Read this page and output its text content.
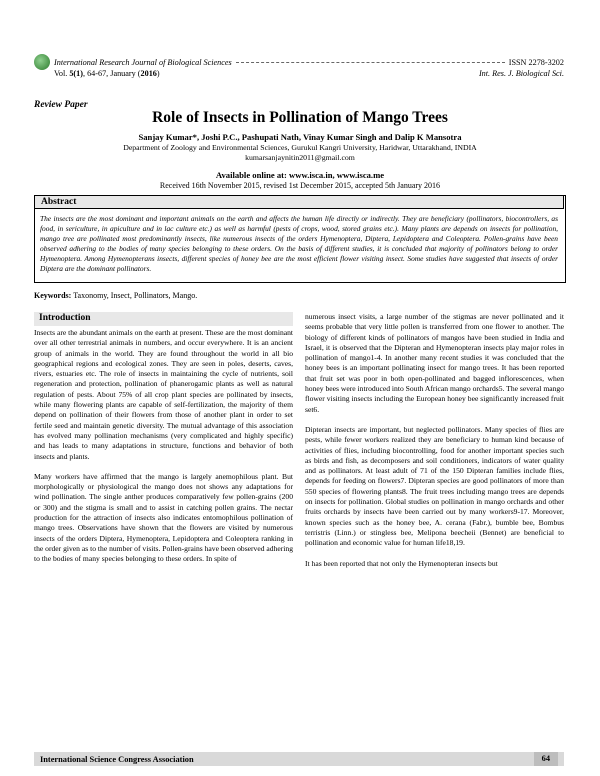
International Research Journal of Biological Sciences	ISSN 2278-3202
Vol. 5(1), 64-67, January (2016)	Int. Res. J. Biological Sci.
Review Paper
Role of Insects in Pollination of Mango Trees
Sanjay Kumar*, Joshi P.C., Pashupati Nath, Vinay Kumar Singh and Dalip K Mansotra
Department of Zoology and Environmental Sciences, Gurukul Kangri University, Haridwar, Uttarakhand, INDIA
kumarsanjaynitin2011@gmail.com
Available online at: www.isca.in, www.isca.me
Received 16th November 2015, revised 1st December 2015, accepted 5th January 2016
Abstract
The insects are the most dominant and important animals on the earth and affects the human life directly or indirectly. They are beneficiary (pollinators, biocontrollers, as food, in sericulture, in apiculture and in lac culture etc.) as well as harmful (pests of crops, wood, stored grains etc.). Many plants are depends on insects for pollination, mango tree are pollinated most predominantly insects, like numerous insects of the orders Hymenoptera, Diptera, Lepidoptera and Coleoptera. Pollen-grains have been observed adhering to the bodies of many species belonging to these orders. On the basis of different studies, it is concluded that majority of pollinators belong to order Hymenoptera. Among Hymenopterans insects, different species of honey bee are the most efficient flower visiting insect. Some studies have suggested that insects of order Diptera are the dominant pollinators.
Keywords: Taxonomy, Insect, Pollinators, Mango.
Introduction

Insects are the abundant animals on the earth at present. These are the most dominant over all other terrestrial animals in numbers, and occur everywhere. It is an ancient group of animals in the world. They are found throughout the world in all bio geographical regions and ecological zones. They are seen in poles, deserts, caves, rivers, estuaries etc. The role of insects in maintaining the cycle of nutrients, soil regeneration and protection, pollination of phanerogamic plants as well as natural regulation of pests. About 75% of all crop plant species are pollinated by insects, while many flowering plants are capable of self-fertilization, the majority of them depend on pollination of their flowers from those of another plant in order to set fertile seed and maintain genetic diversity. The mutual advantage of this association has evolved many pollination mechanisms (very complicated and highly specific) and has leads to many adaptations in structure, functions and behavior of both insects and plants.

Many workers have affirmed that the mango is largely anemophilous plant. But morphologically or physiological the mango does not shows any adaptations for wind pollination. The single anther produces comparatively few pollen-grains (200 or 300) and the stigma is small and to assist in catching pollen grains. The nectar production for the attraction of insects also indicates entomophilous pollination of mango trees. Observations have shown that the flowers are visited by numerous insects of the orders Diptera, Hymenoptera, Lepidoptera and Coleoptera ranking in the order given as to the number of visits. Pollen-grains have been observed adhering to the bodies of many species belonging to these orders. In spite of

numerous insect visits, a large number of the stigmas are never pollinated and it seems probable that very little pollen is transferred from one flower to another. The biology of different kinds of pollinators of mangos have been studied in India and Israel, it is observed that the Dipteran and Hymenopteran insects play major roles in pollination of mango1-4. In another many recent studies it was concluded that the honey bees is an important pollinating insect for mango trees. It has been reported that fruit set was poor in both open-pollinated and bagged inflorescences, when honey bees were introduced into South African mango orchards5. The several mango flower visiting insects including the European honey bee significantly increased fruit set6.

Dipteran insects are important, but neglected pollinators. Many species of flies are pests, while fewer workers realized they are beneficiary to human kind because of activities of flies, including biocontrolling, food for another important species such as birds and fish, as decomposers and soil conditioners, indicators of water quality and as pollinators. At least adult of 71 of the 150 Dipteran families include flies, depends for feeding on flowers7. Dipteran species are good pollinators of more than 550 species of flowering plants8. The fruit trees including mango trees are depends on insects for pollination. Global studies on pollination in mango orchards and other fruits orchards by insects have been carried out by many workers9-17. Moreover, known species such as the honey bee, A. cerana (Fabr.), bumble bee, Bombus terristris (Linn.) or stingless bee, Melipona beecheii (Bennet) are beneficial to pollination and economic value for human life18,19.

It has been reported that not only the Hymenopteran insects but

International Science Congress Association	64
